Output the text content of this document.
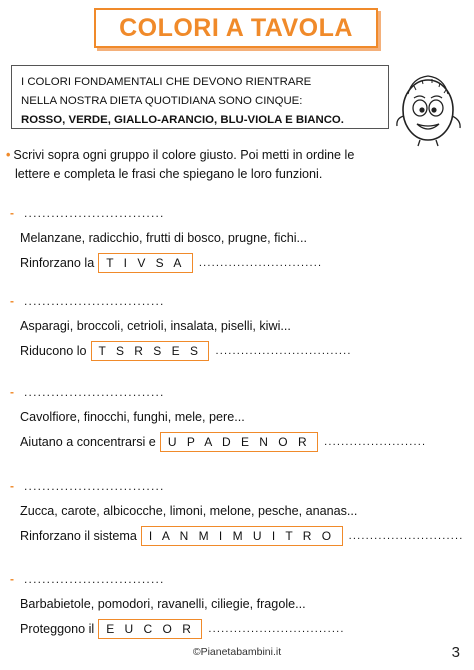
COLORI A TAVOLA
I COLORI FONDAMENTALI CHE DEVONO RIENTRARE
NELLA NOSTRA DIETA QUOTIDIANA SONO CINQUE:
ROSSO, VERDE, GIALLO-ARANCIO, BLU-VIOLA E BIANCO.
• Scrivi sopra ogni gruppo il colore giusto. Poi metti in ordine le
lettere e completa le frasi che spiegano le loro funzioni.
- ...............................
Melanzane, radicchio, frutti di bosco, prugne, fichi...
Rinforzano la	T I V S A	.............................
- ...............................
Asparagi, broccoli, cetrioli, insalata, piselli, kiwi...
Riducono lo	T S R S E S	................................
- ...............................
Cavolfiore, finocchi, funghi, mele, pere...
Aiutano a concentrarsi e	U P A D E N O R	........................
- ...............................
Zucca, carote, albicocche, limoni, melone, pesche, ananas...
Rinforzano il sistema	I A N M I M U I T R O	...........................
- ...............................
Barbabietole, pomodori, ravanelli, ciliegie, fragole...
Proteggono il	E U C O R	................................
©Pianetabambini.it	3
